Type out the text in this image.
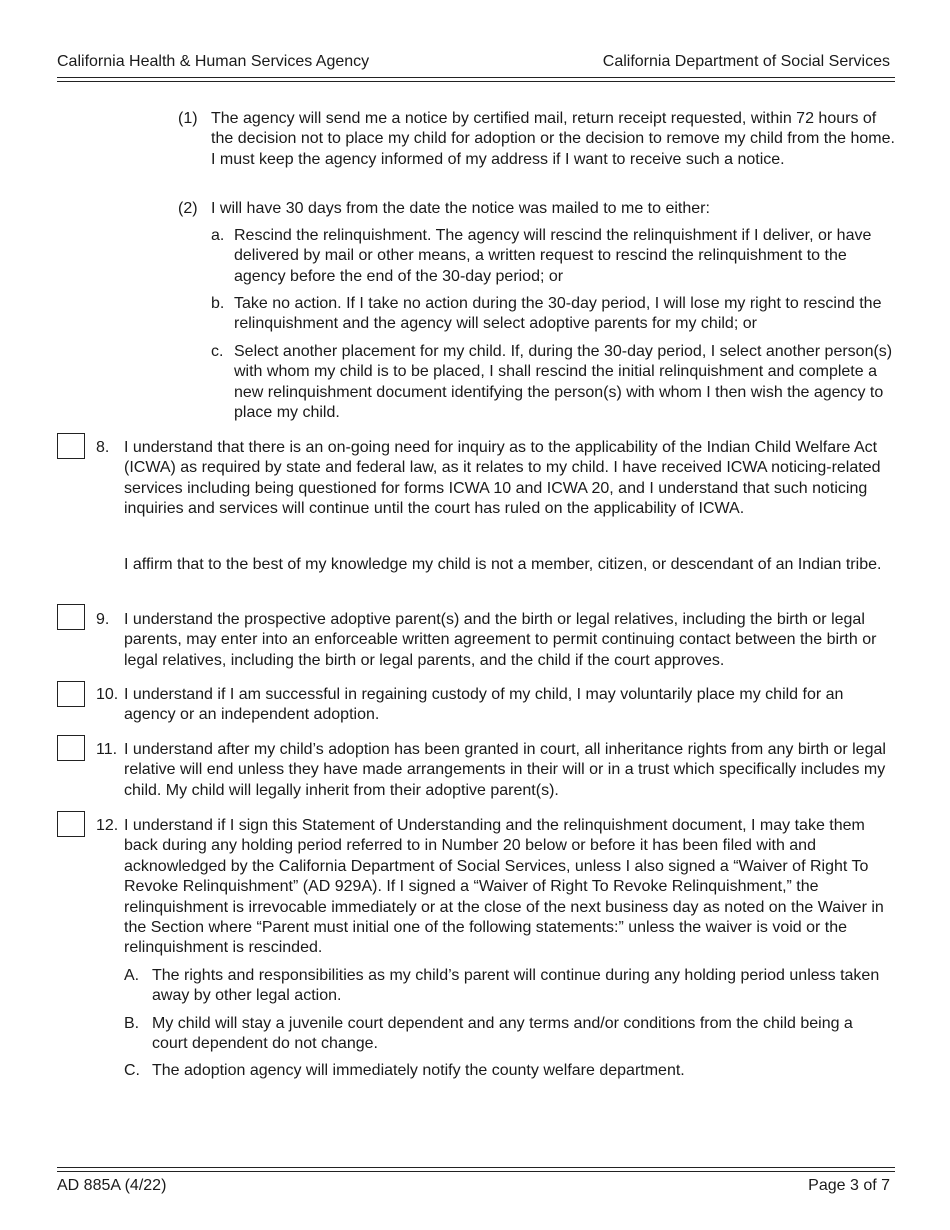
California Health & Human Services Agency	California Department of Social Services
(1) The agency will send me a notice by certified mail, return receipt requested, within 72 hours of the decision not to place my child for adoption or the decision to remove my child from the home. I must keep the agency informed of my address if I want to receive such a notice.

(2) I will have 30 days from the date the notice was mailed to me to either:

a. Rescind the relinquishment. The agency will rescind the relinquishment if I deliver, or have delivered by mail or other means, a written request to rescind the relinquishment to the agency before the end of the 30-day period; or

b. Take no action. If I take no action during the 30-day period, I will lose my right to rescind the relinquishment and the agency will select adoptive parents for my child; or

c. Select another placement for my child. If, during the 30-day period, I select another person(s) with whom my child is to be placed, I shall rescind the initial relinquishment and complete a new relinquishment document identifying the person(s) with whom I then wish the agency to place my child.

8. I understand that there is an on-going need for inquiry as to the applicability of the Indian Child Welfare Act (ICWA) as required by state and federal law, as it relates to my child. I have received ICWA noticing-related services including being questioned for forms ICWA 10 and ICWA 20, and I understand that such noticing inquiries and services will continue until the court has ruled on the applicability of ICWA.

I affirm that to the best of my knowledge my child is not a member, citizen, or descendant of an Indian tribe.

9. I understand the prospective adoptive parent(s) and the birth or legal relatives, including the birth or legal parents, may enter into an enforceable written agreement to permit continuing contact between the birth or legal relatives, including the birth or legal parents, and the child if the court approves.

10. I understand if I am successful in regaining custody of my child, I may voluntarily place my child for an agency or an independent adoption.

11. I understand after my child’s adoption has been granted in court, all inheritance rights from any birth or legal relative will end unless they have made arrangements in their will or in a trust which specifically includes my child. My child will legally inherit from their adoptive parent(s).

12. I understand if I sign this Statement of Understanding and the relinquishment document, I may take them back during any holding period referred to in Number 20 below or before it has been filed with and acknowledged by the California Department of Social Services, unless I also signed a “Waiver of Right To Revoke Relinquishment” (AD 929A). If I signed a “Waiver of Right To Revoke Relinquishment,” the relinquishment is irrevocable immediately or at the close of the next business day as noted on the Waiver in the Section where “Parent must initial one of the following statements:” unless the waiver is void or the relinquishment is rescinded.

A. The rights and responsibilities as my child’s parent will continue during any holding period unless taken away by other legal action.

B. My child will stay a juvenile court dependent and any terms and/or conditions from the child being a court dependent do not change.

C. The adoption agency will immediately notify the county welfare department.

AD 885A (4/22)	Page 3 of 7
